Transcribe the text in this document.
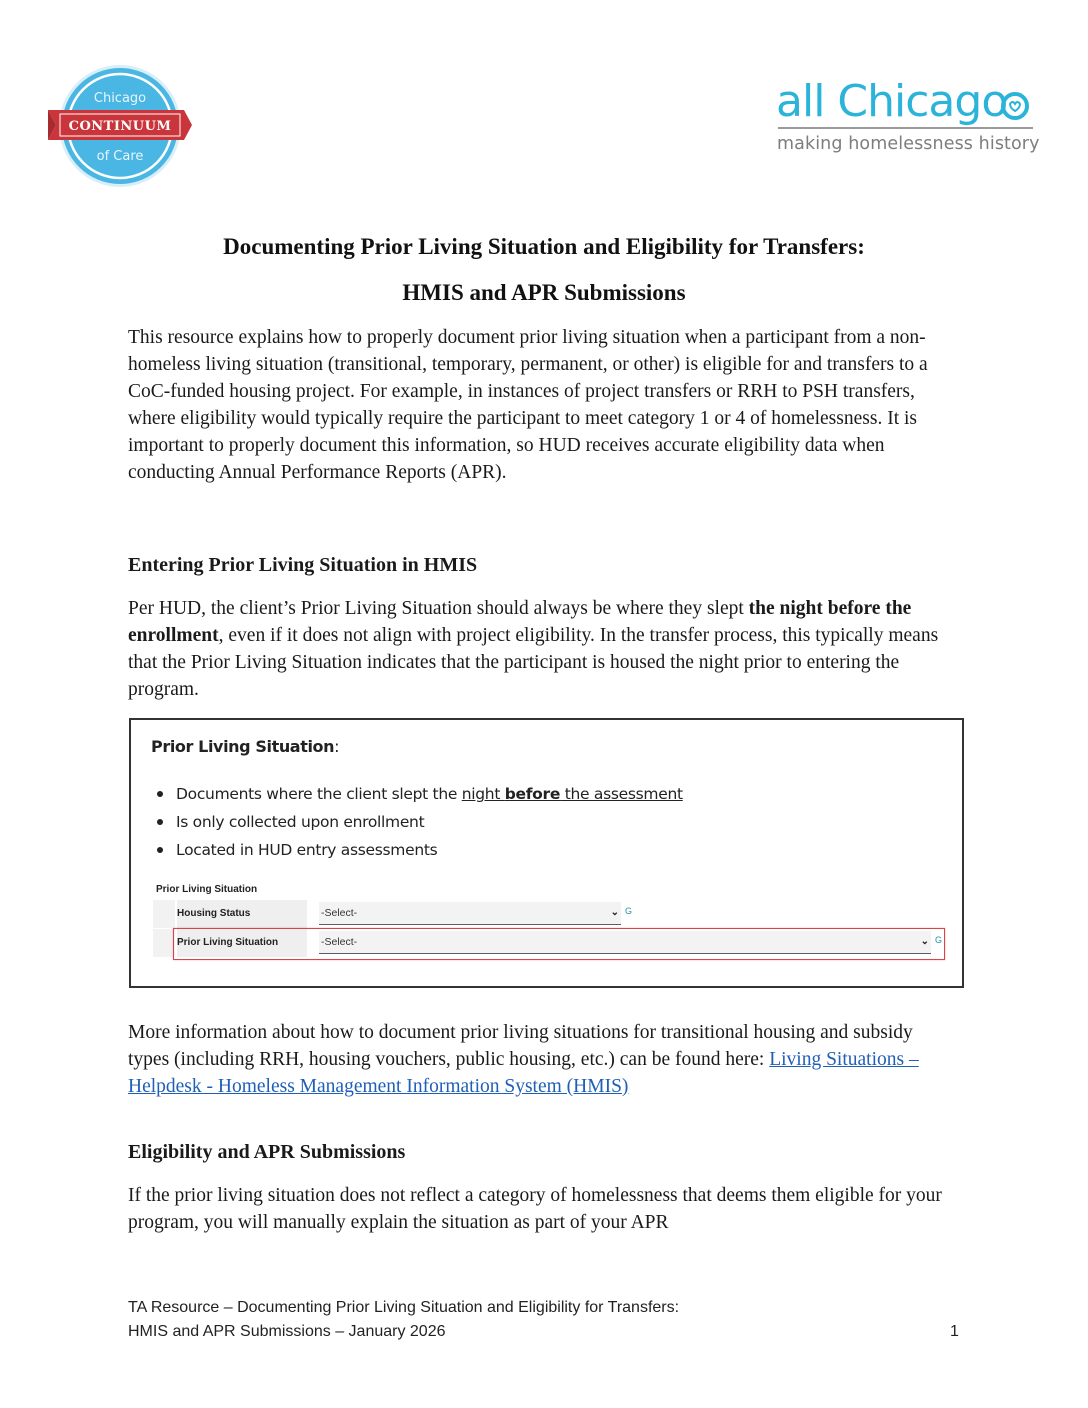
Chicago
CONTINUUM
of Care
all Chicago
making homelessness history
Documenting Prior Living Situation and Eligibility for Transfers:
HMIS and APR Submissions

This resource explains how to properly document prior living situation when a participant from a non-homeless living situation (transitional, temporary, permanent, or other) is eligible for and transfers to a CoC-funded housing project. For example, in instances of project transfers or RRH to PSH transfers, where eligibility would typically require the participant to meet category 1 or 4 of homelessness. It is important to properly document this information, so HUD receives accurate eligibility data when conducting Annual Performance Reports (APR).

Entering Prior Living Situation in HMIS

Per HUD, the client’s Prior Living Situation should always be where they slept the night before the enrollment, even if it does not align with project eligibility. In the transfer process, this typically means that the Prior Living Situation indicates that the participant is housed the night prior to entering the program.

Prior Living Situation:
Documents where the client slept the night before the assessment
Is only collected upon enrollment
Located in HUD entry assessments
Prior Living Situation
Housing Status	-Select-	⌄ G
Prior Living Situation	-Select-	⌄ G

More information about how to document prior living situations for transitional housing and subsidy types (including RRH, housing vouchers, public housing, etc.) can be found here: Living Situations – Helpdesk - Homeless Management Information System (HMIS)

Eligibility and APR Submissions

If the prior living situation does not reflect a category of homelessness that deems them eligible for your program, you will manually explain the situation as part of your APR

TA Resource – Documenting Prior Living Situation and Eligibility for Transfers:
HMIS and APR Submissions – January 2026	1
